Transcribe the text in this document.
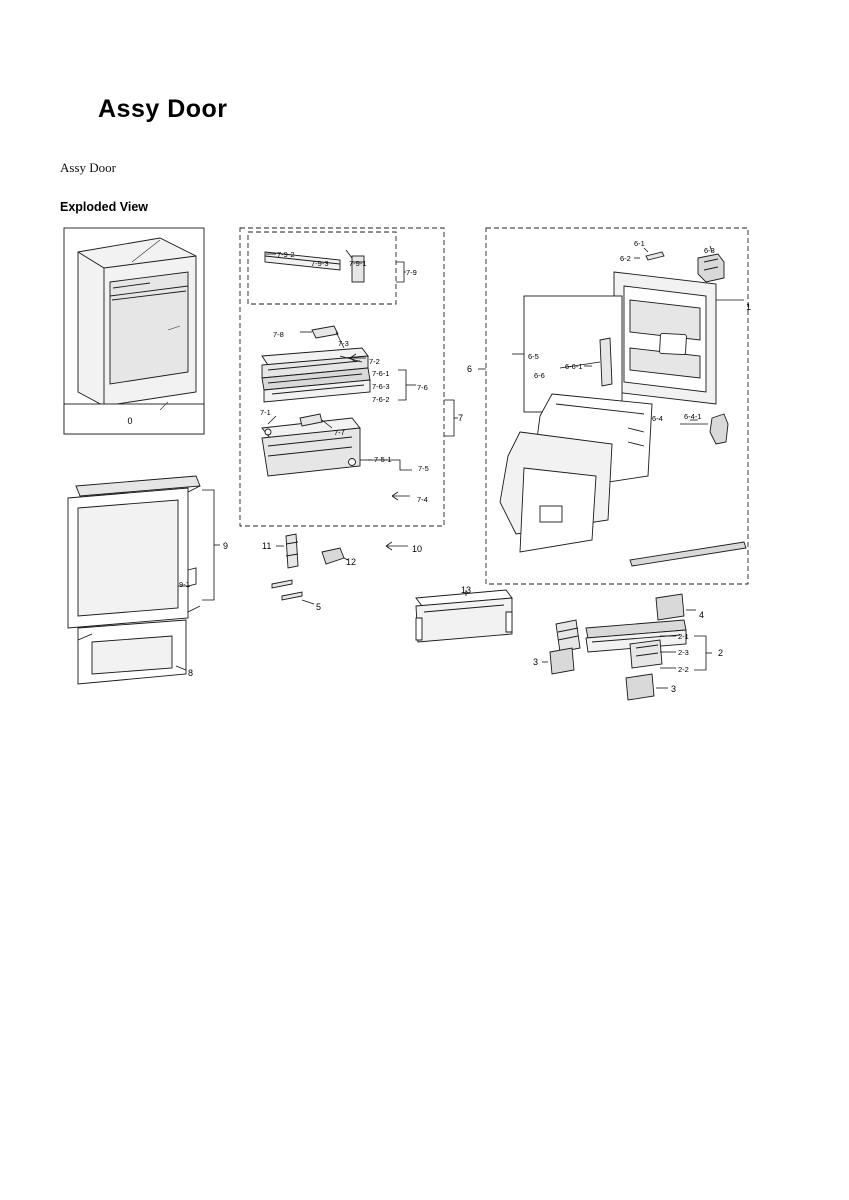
Assy Door
Assy Door
Exploded View
0
1
2
2-1
2-2
2-3
3
3
4
5
6
6-1
6-2
6-3
6-4	6-4-1
6-5
6-6
6-6-1
7
7-1
7-2
7-3
7-4
7-5
7-5-1
7-6
7-6-1
7-6-2
7-6-3
7-7
7-8
7-9
7-9-1
7-9-2
7-9-3
8
9
9-1
10
11
12
13
